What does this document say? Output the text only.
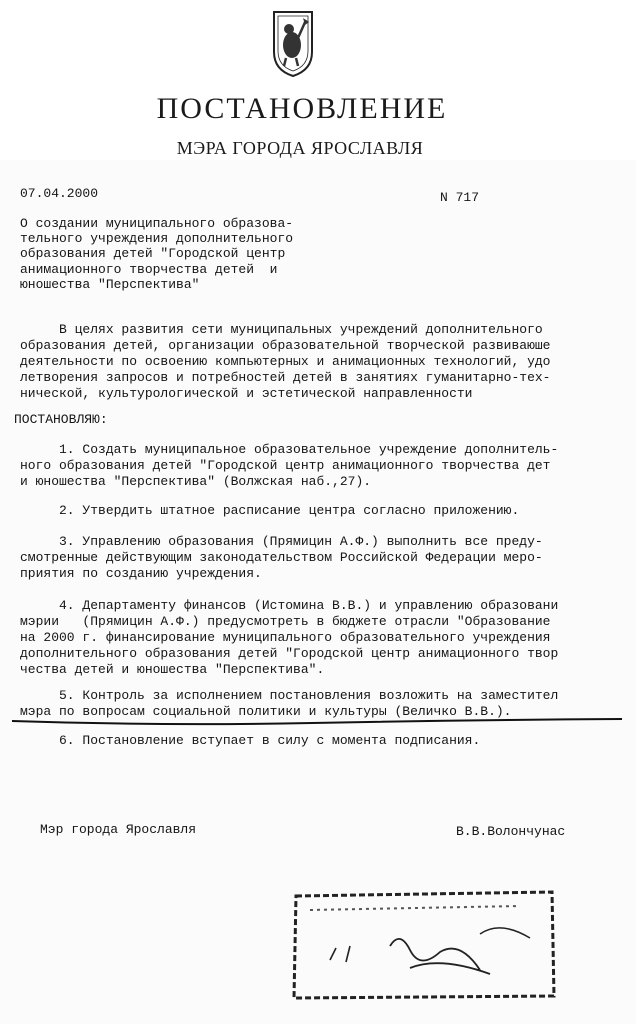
ПОСТАНОВЛЕНИЕ
МЭРА ГОРОДА ЯРОСЛАВЛЯ
07.04.2000	N 717
О создании муниципального образова-
тельного учреждения дополнительного
образования детей "Городской центр
анимационного творчества детей  и
юношества "Перспектива"
В целях развития сети муниципальных учреждений дополнительного
образования детей, организации образовательной творческой развиваюше
деятельности по освоению компьютерных и анимационных технологий, удо
летворения запросов и потребностей детей в занятиях гуманитарно-тех-
нической, культурологической и эстетической направленности
ПОСТАНОВЛЯЮ:
1. Создать муниципальное образовательное учреждение дополнитель-
ного образования детей "Городской центр анимационного творчества дет
и юношества "Перспектива" (Волжская наб.,27).
2. Утвердить штатное расписание центра согласно приложению.
3. Управлению образования (Прямицин А.Ф.) выполнить все преду-
смотренные действующим законодательством Российской Федерации меро-
приятия по созданию учреждения.
4. Департаменту финансов (Истомина В.В.) и управлению образовани
мэрии   (Прямицин А.Ф.) предусмотреть в бюджете отрасли "Образование
на 2000 г. финансирование муниципального образовательного учреждения
дополнительного образования детей "Городской центр анимационного твор
чества детей и юношества "Перспектива".
5. Контроль за исполнением постановления возложить на заместител
мэра по вопросам социальной политики и культуры (Величко В.В.).
6. Постановление вступает в силу с момента подписания.
Мэр города Ярославля	В.В.Волончунас
